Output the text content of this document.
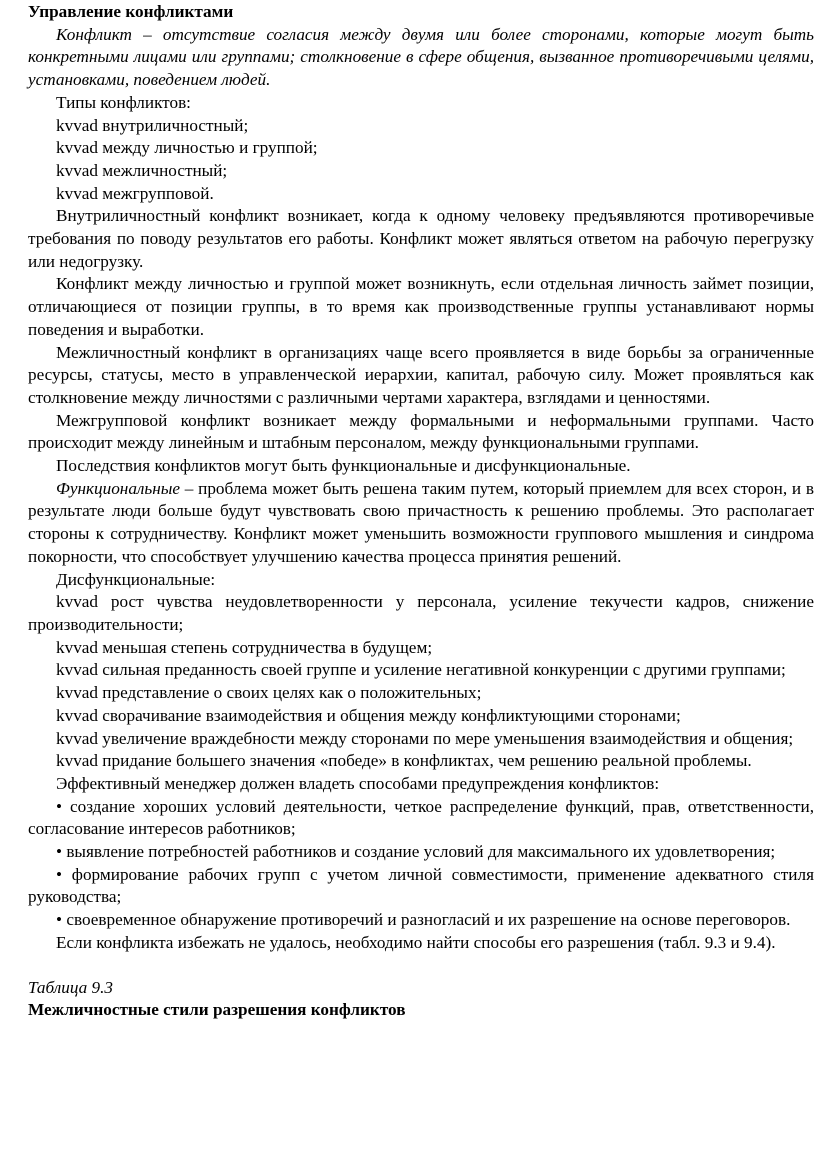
Управление конфликтами

Конфликт – отсутствие согласия между двумя или более сторонами, которые могут быть конкретными лицами или группами; столкновение в сфере общения, вызванное противоречивыми целями, установками, поведением людей.

Типы конфликтов:

kvvad внутриличностный;

kvvad между личностью и группой;

kvvad межличностный;

kvvad межгрупповой.

Внутриличностный конфликт возникает, когда к одному человеку предъявляются противоречивые требования по поводу результатов его работы. Конфликт может являться ответом на рабочую перегрузку или недогрузку.

Конфликт между личностью и группой может возникнуть, если отдельная личность займет позиции, отличающиеся от позиции группы, в то время как производственные группы устанавливают нормы поведения и выработки.

Межличностный конфликт в организациях чаще всего проявляется в виде борьбы за ограниченные ресурсы, статусы, место в управленческой иерархии, капитал, рабочую силу. Может проявляться как столкновение между личностями с различными чертами характера, взглядами и ценностями.

Межгрупповой конфликт возникает между формальными и неформальными группами. Часто происходит между линейным и штабным персоналом, между функциональными группами.

Последствия конфликтов могут быть функциональные и дисфункциональные.

Функциональные – проблема может быть решена таким путем, который приемлем для всех сторон, и в результате люди больше будут чувствовать свою причастность к решению проблемы. Это располагает стороны к сотрудничеству. Конфликт может уменьшить возможности группового мышления и синдрома покорности, что способствует улучшению качества процесса принятия решений.

Дисфункциональные:

kvvad рост чувства неудовлетворенности у персонала, усиление текучести кадров, снижение производительности;

kvvad меньшая степень сотрудничества в будущем;

kvvad сильная преданность своей группе и усиление негативной конкуренции с другими группами;

kvvad представление о своих целях как о положительных;

kvvad сворачивание взаимодействия и общения между конфликтующими сторонами;

kvvad увеличение враждебности между сторонами по мере уменьшения взаимодействия и общения;

kvvad придание большего значения «победе» в конфликтах, чем решению реальной проблемы.

Эффективный менеджер должен владеть способами предупреждения конфликтов:

• создание хороших условий деятельности, четкое распределение функций, прав, ответственности, согласование интересов работников;

• выявление потребностей работников и создание условий для максимального их удовлетворения;

• формирование рабочих групп с учетом личной совместимости, применение адекватного стиля руководства;

• своевременное обнаружение противоречий и разногласий и их разрешение на основе переговоров.

Если конфликта избежать не удалось, необходимо найти способы его разрешения (табл. 9.3 и 9.4).

Таблица 9.3

Межличностные стили разрешения конфликтов
